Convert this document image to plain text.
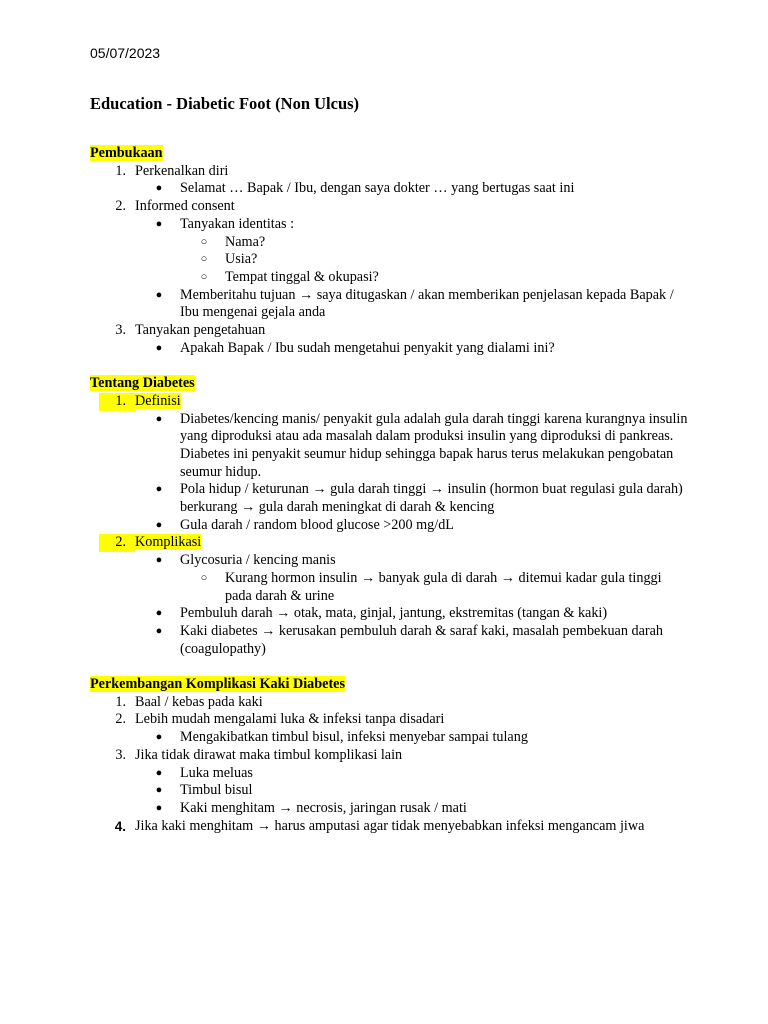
05/07/2023
Education - Diabetic Foot (Non Ulcus)
Pembukaan
1. Perkenalkan diri
● Selamat … Bapak / Ibu, dengan saya dokter … yang bertugas saat ini
2. Informed consent
● Tanyakan identitas :
○ Nama?
○ Usia?
○ Tempat tinggal & okupasi?
● Memberitahu tujuan → saya ditugaskan / akan memberikan penjelasan kepada Bapak / Ibu mengenai gejala anda
3. Tanyakan pengetahuan
● Apakah Bapak / Ibu sudah mengetahui penyakit yang dialami ini?
Tentang Diabetes
1. Definisi
● Diabetes/kencing manis/ penyakit gula adalah gula darah tinggi karena kurangnya insulin yang diproduksi atau ada masalah dalam produksi insulin yang diproduksi di pankreas. Diabetes ini penyakit seumur hidup sehingga bapak harus terus melakukan pengobatan seumur hidup.
● Pola hidup / keturunan → gula darah tinggi → insulin (hormon buat regulasi gula darah) berkurang → gula darah meningkat di darah & kencing
● Gula darah / random blood glucose >200 mg/dL
2. Komplikasi
● Glycosuria / kencing manis
○ Kurang hormon insulin → banyak gula di darah → ditemui kadar gula tinggi pada darah & urine
● Pembuluh darah → otak, mata, ginjal, jantung, ekstremitas (tangan & kaki)
● Kaki diabetes → kerusakan pembuluh darah & saraf kaki, masalah pembekuan darah (coagulopathy)
Perkembangan Komplikasi Kaki Diabetes
1. Baal / kebas pada kaki
2. Lebih mudah mengalami luka & infeksi tanpa disadari
● Mengakibatkan timbul bisul, infeksi menyebar sampai tulang
3. Jika tidak dirawat maka timbul komplikasi lain
● Luka meluas
● Timbul bisul
● Kaki menghitam → necrosis, jaringan rusak / mati
4. Jika kaki menghitam → harus amputasi agar tidak menyebabkan infeksi mengancam jiwa
